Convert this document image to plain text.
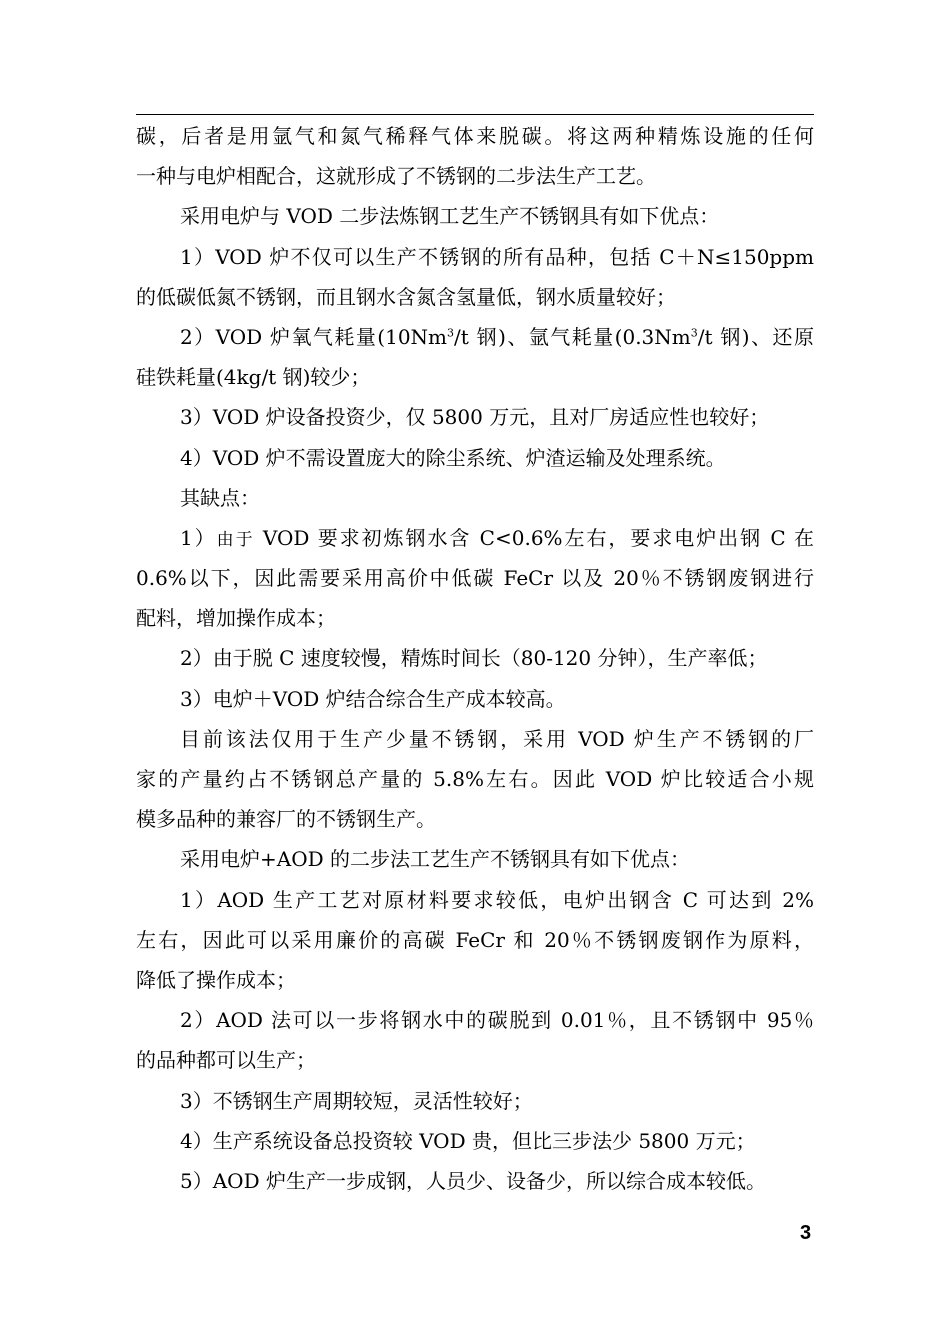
碳，后者是用氩气和氮气稀释气体来脱碳。将这两种精炼设施的任何
一种与电炉相配合，这就形成了不锈钢的二步法生产工艺。
采用电炉与 VOD 二步法炼钢工艺生产不锈钢具有如下优点：
1）VOD 炉不仅可以生产不锈钢的所有品种，包括 C＋N≤150ppm
的低碳低氮不锈钢，而且钢水含氮含氢量低，钢水质量较好；
2）VOD 炉氧气耗量(10Nm$^3$/t 钢)、氩气耗量(0.3Nm$^3$/t 钢)、还原
硅铁耗量(4kg/t 钢)较少；
3）VOD 炉设备投资少，仅 5800 万元，且对厂房适应性也较好；
4）VOD 炉不需设置庞大的除尘系统、炉渣运输及处理系统。
其缺点：
1）由于 VOD 要求初炼钢水含 C<0.6%左右，要求电炉出钢 C 在
0.6%以下，因此需要采用高价中低碳 FeCr 以及 20％不锈钢废钢进行
配料，增加操作成本；
2）由于脱 C 速度较慢，精炼时间长（80-120 分钟），生产率低；
3）电炉＋VOD 炉结合综合生产成本较高。
目前该法仅用于生产少量不锈钢，采用 VOD 炉生产不锈钢的厂
家的产量约占不锈钢总产量的 5.8%左右。因此 VOD 炉比较适合小规
模多品种的兼容厂的不锈钢生产。
采用电炉+AOD 的二步法工艺生产不锈钢具有如下优点：
1）AOD 生产工艺对原材料要求较低，电炉出钢含 C 可达到 2%
左右，因此可以采用廉价的高碳 FeCr 和 20％不锈钢废钢作为原料，
降低了操作成本；
2）AOD 法可以一步将钢水中的碳脱到 0.01％，且不锈钢中 95％
的品种都可以生产；
3）不锈钢生产周期较短，灵活性较好；
4）生产系统设备总投资较 VOD 贵，但比三步法少 5800 万元；
5）AOD 炉生产一步成钢，人员少、设备少，所以综合成本较低。
3
